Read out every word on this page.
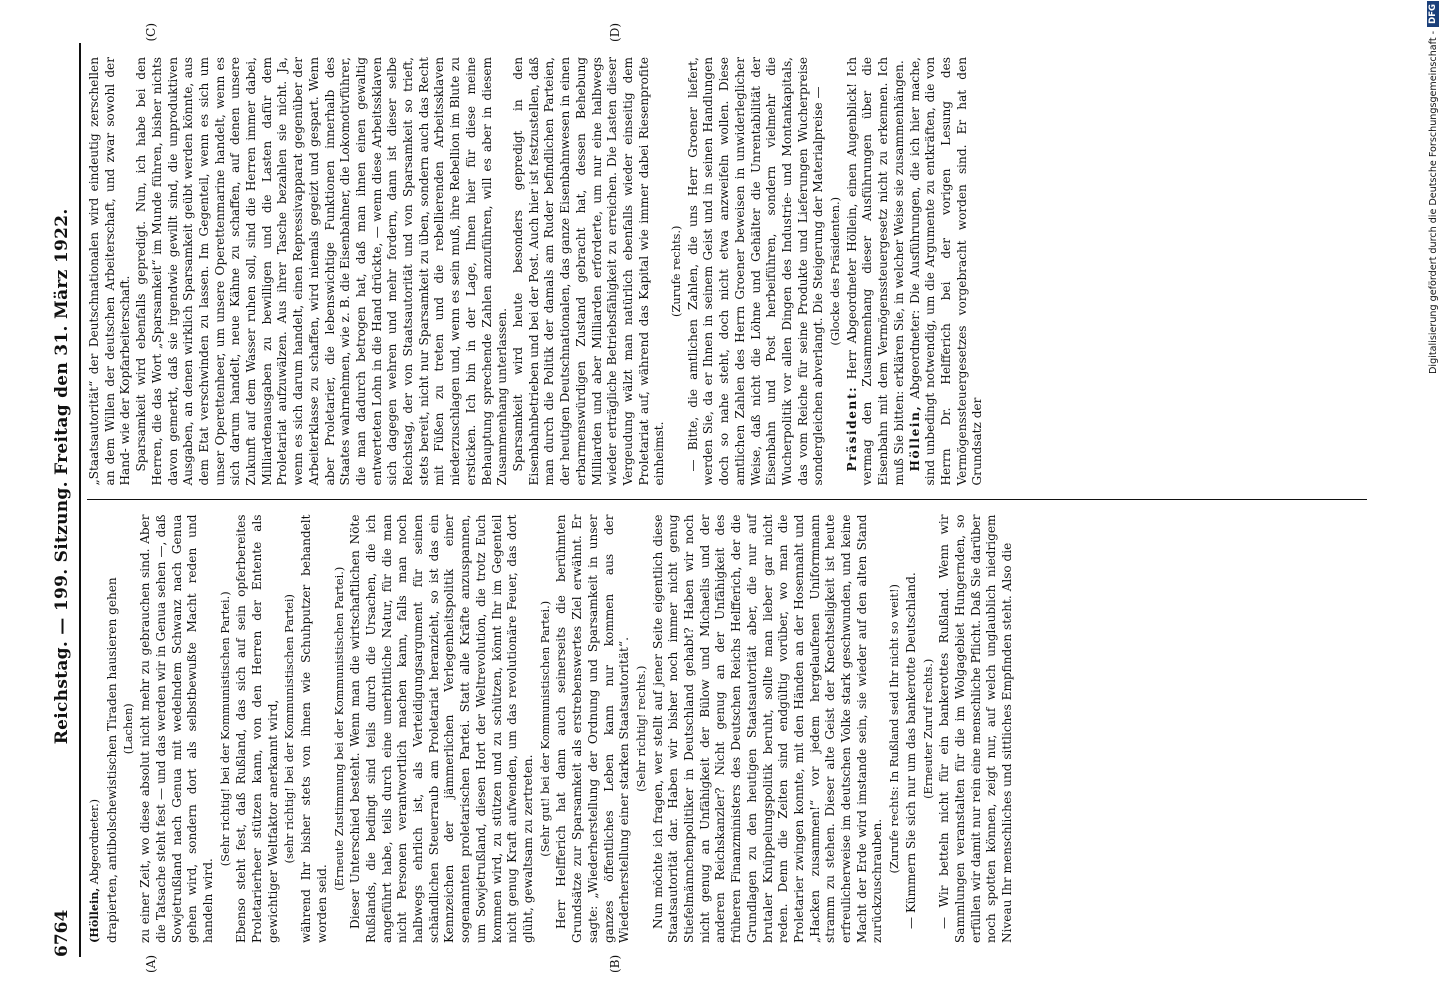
6764
Reichstag. — 199. Sitzung. Freitag den 31. März 1922.
(Höllein, Abgeordneter.) drapierten, antibolschewistischen Tiraden hausieren gehen (Lachen) zu einer Zeit, wo diese absolut nicht mehr zu gebrauchen sind. Aber die Tatsache steht fest — und das werden wir in Genua sehen —, daß Sowjetrußland nach Genua mit wedelndem Schwanz nach Genua gehen wird, sondern dort als selbstbewußte Macht reden und handeln wird.

(Sehr richtig! bei der Kommunistischen Partei.) Ebenso steht fest, daß Rußland, das sich auf sein opferbereites Proletarierheer stützen kann, von den Herren der Entente als gewichtiger Weltfaktor anerkannt wird, (sehr richtig! bei der Kommunistischen Partei) während Ihr bisher stets von ihnen wie Schuhputzer behandelt worden seid.

(Erneute Zustimmung bei der Kommunistischen Partei.) Dieser Unterschied besteht. Wenn man die wirtschaftlichen Nöte Rußlands, die bedingt sind teils durch die Ursachen, die ich angeführt habe, teils durch eine unerbittliche Natur, für die man nicht Personen verantwortlich machen kann, falls man noch halbwegs ehrlich ist, als Verteidigungsargument für seinen schändlichen Steuerraub am Proletariat heranzieht, so ist das ein Kennzeichen der jämmerlichen Verlegenheitspolitik einer sogenannten proletarischen Partei. Statt alle Kräfte anzuspannen, um Sowjetrußland, diesen Hort der Weltrevolution, die trotz Euch kommen wird, zu stützen und zu schützen, könnt Ihr im Gegenteil nicht genug Kraft aufwenden, um das revolutionäre Feuer, das dort glüht, gewaltsam zu zertreten. (Sehr gut! bei der Kommunistischen Partei.) Herr Helfferich hat dann auch seinerseits die berühmten Grundsätze zur Sparsamkeit als erstrebenswertes Ziel erwähnt. Er sagte: „Wiederherstellung der Ordnung und Sparsamkeit in unser ganzes öffentliches Leben kann nur kommen aus der Wiederherstellung einer starken Staatsautorität“. (Sehr richtig! rechts.) Nun möchte ich fragen, wer stellt auf jener Seite eigentlich diese Staatsautorität dar. Haben wir bisher noch immer nicht genug Stiefelmännchenpolitiker in Deutschland gehabt? Haben wir noch nicht genug an Unfähigkeit der Bülow und Michaelis und der anderen Reichskanzler? Nicht genug an der Unfähigkeit des früheren Finanzministers des Deutschen Reichs Helfferich, der die Grundlagen zu den heutigen Staatsautorität aber, die nur auf brutaler Knüppelungspolitik beruht, sollte man lieber gar nicht reden. Denn die Zeiten sind endgültig vorüber, wo man die Proletarier zwingen konnte, mit den Händen an der Hosennaht und „Hacken zusammen!“ vor jedem hergelaufenen Uniformmann stramm zu stehen. Dieser alte Geist der Knechtseligkeit ist heute erfreulicherweise im deutschen Volke stark geschwunden, und keine Macht der Erde wird imstande sein, sie wieder auf den alten Stand zurückzuschrauben.

(Zurufe rechts: In Rußland seid Ihr nicht so weit!) — Kümmern Sie sich nur um das bankerotte Deutschland. (Erneuter Zuruf rechts.) — Wir betteln nicht für ein bankerottes Rußland. Wenn wir Sammlungen veranstalten für die im Wolgagebiet Hungernden, so erfüllen wir damit nur rein eine menschliche Pflicht. Daß Sie darüber noch spotten können, zeigt nur, auf welch unglaublich niedrigem Niveau Ihr menschliches und sittliches Empfinden steht. Also die

„Staatsautorität“ der Deutschnationalen wird eindeutig zerschellen an dem Willen der deutschen Arbeiterschaft, und zwar sowohl der Hand- wie der Kopfarbeiterschaft. Sparsamkeit wird ebenfalls gepredigt. Nun, ich habe bei den Herren, die das Wort „Sparsamkeit“ im Munde führen, bisher nichts davon gemerkt, daß sie irgendwie gewillt sind, die unproduktiven Ausgaben, an denen wirklich Sparsamkeit geübt werden könnte, aus dem Etat verschwinden zu lassen. Im Gegenteil, wenn es sich um unser Operettenheer, um unsere Operettenmarine handelt, wenn es sich darum handelt, neue Kähne zu schaffen, auf denen unsere Zukunft auf dem Wasser ruhen soll, sind die Herren immer dabei, Milliardenausgaben zu bewilligen und die Lasten dafür dem Proletariat aufzuwälzen. Aus ihrer Tasche bezahlen sie nicht. Ja, wenn es sich darum handelt, einen Repressivapparat gegenüber der Arbeiterklasse zu schaffen, wird niemals gegeizt und gespart. Wenn aber Proletarier, die lebenswichtige Funktionen innerhalb des Staates wahrnehmen, wie z. B. die Eisenbahner, die Lokomotivführer, die man dadurch betrogen hat, daß man ihnen einen gewaltig entwerteten Lohn in die Hand drückte, — wenn diese Arbeitssklaven sich dagegen wehren und mehr fordern, dann ist dieser selbe Reichstag, der von Staatsautorität und von Sparsamkeit so trieft, stets bereit, nicht nur Sparsamkeit zu üben, sondern auch das Recht mit Füßen zu treten und die rebellierenden Arbeitssklaven niederzuschlagen und, wenn es sein muß, ihre Rebellion im Blute zu ersticken. Ich bin in der Lage, Ihnen hier für diese meine Behauptung sprechende Zahlen anzuführen, will es aber in diesem Zusammenhang unterlassen. Sparsamkeit wird heute besonders gepredigt in den Eisenbahnbetrieben und bei der Post. Auch hier ist festzustellen, daß man durch die Politik der damals am Ruder befindlichen Parteien, der heutigen Deutschnationalen, das ganze Eisenbahnwesen in einen erbarmenswürdigen Zustand gebracht hat, dessen Behebung Milliarden und aber Milliarden erforderte, um nur eine halbwegs wieder erträgliche Betriebsfähigkeit zu erreichen. Die Lasten dieser Vergeudung wälzt man natürlich ebenfalls wieder einseitig dem Proletariat auf, während das Kapital wie immer dabei Riesenprofite einheimst.

(Zurufe rechts.) — Bitte, die amtlichen Zahlen, die uns Herr Groener liefert, werden Sie, da er Ihnen in seinem Geist und in seinen Handlungen doch so nahe steht, doch nicht etwa anzweifeln wollen. Diese amtlichen Zahlen des Herrn Groener beweisen in unwiderleglicher Weise, daß nicht die Löhne und Gehälter die Unrentabilität der Eisenbahn und Post herbeiführen, sondern vielmehr die Wucherpolitik vor allen Dingen des Industrie- und Montankapitals, das vom Reiche für seine Produkte und Lieferungen Wucherpreise sondergleichen abverlangt. Die Steigerung der Materialpreise — (Glocke des Präsidenten.)

Präsident: Herr Abgeordneter Höllein, einen Augenblick! Ich vermag den Zusammenhang dieser Ausführungen über die Eisenbahn mit dem Vermögenssteuergesetz nicht zu erkennen. Ich muß Sie bitten: erklären Sie, in welcher Weise sie zusammenhängen. Höllein, Abgeordneter: Die Ausführungen, die ich hier mache, sind unbedingt notwendig, um die Argumente zu entkräften, die von Herrn Dr. Helfferich bei der vorigen Lesung des Vermögenssteuergesetzes vorgebracht worden sind. Er hat den Grundsatz der

(A)	(B)
(C)	(D)	Digitalisierung gefördert durch die Deutsche Forschungsgemeinschaft -
DFG
